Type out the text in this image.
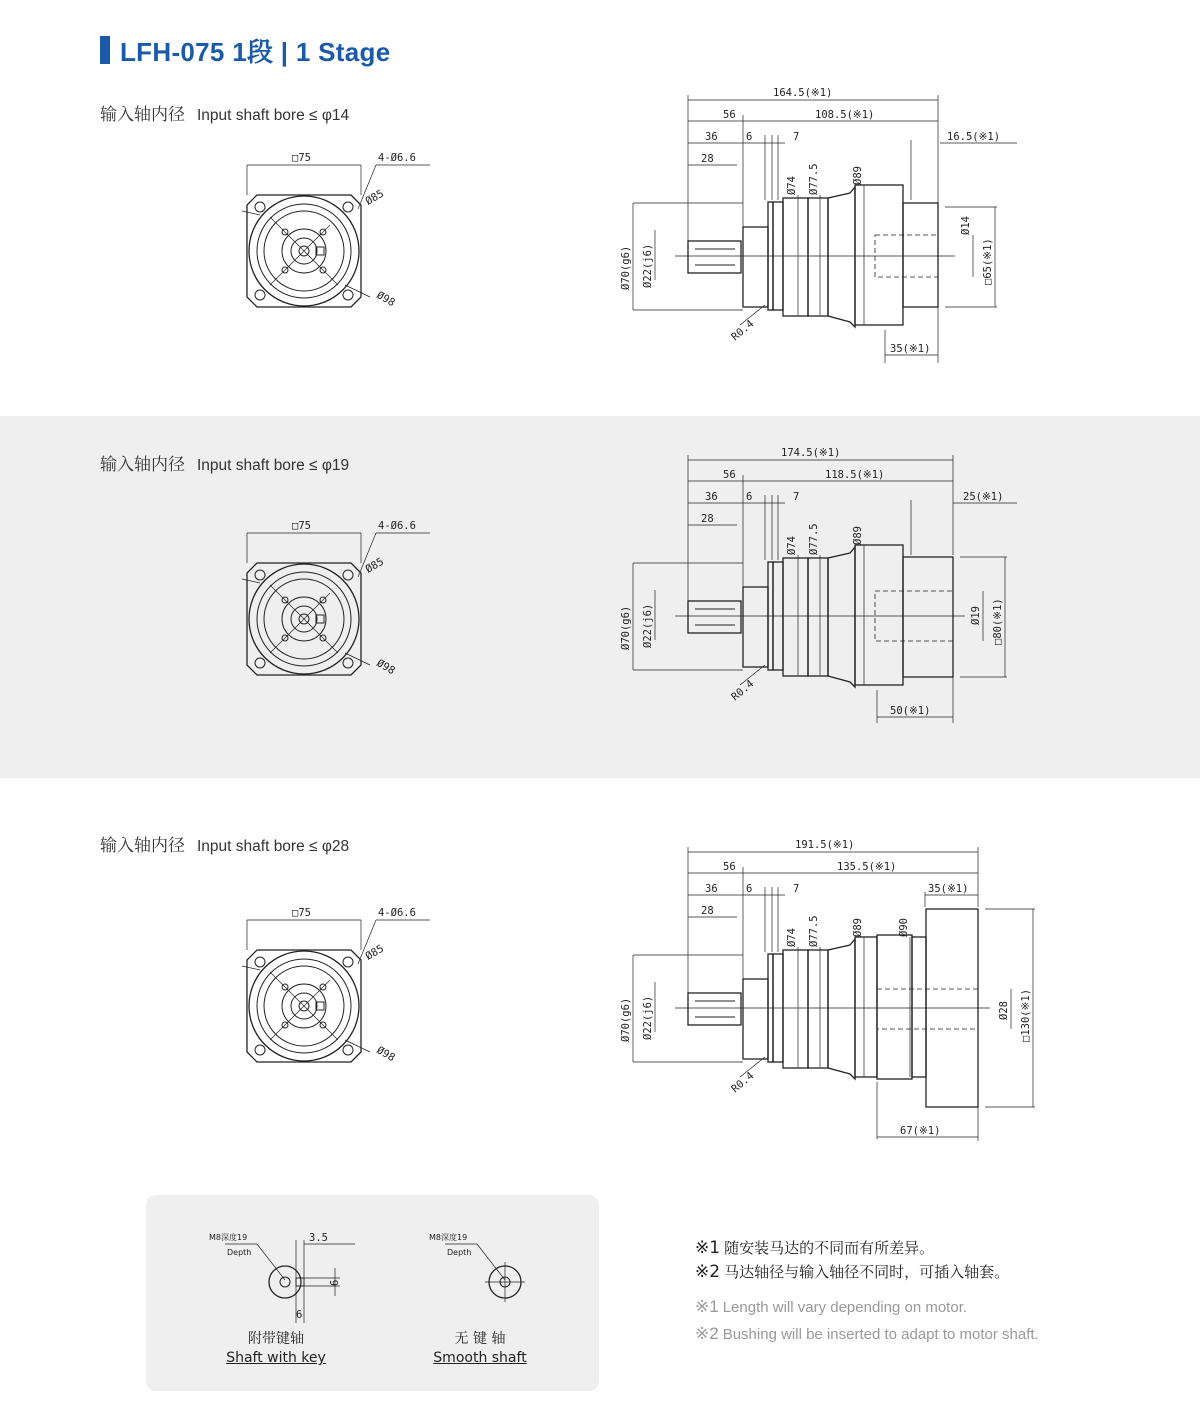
LFH-075 1段 | 1 Stage
输入轴内径 Input shaft bore ≤ φ14
输入轴内径 Input shaft bore ≤ φ19
输入轴内径 Input shaft bore ≤ φ28
□75	4-Ø6.6
Ø85
Ø98
164.5(※1)
56	108.5(※1)
36	6	7
28
16.5(※1)
Ø74 Ø77.5	Ø89
Ø70(g6) Ø22(j6)	□65(※1)
Ø14
35(※1)
R0.4
□75	4-Ø6.6
Ø85
Ø98
174.5(※1)
56	118.5(※1)
36	6	7
28
25(※1)
Ø74 Ø77.5	Ø89
Ø70(g6) Ø22(j6)	□80(※1)
Ø19
50(※1)
R0.4
□75	4-Ø6.6
Ø85
Ø98
191.5(※1)
56	135.5(※1)
36	6	7
28
35(※1)
Ø74 Ø77.5	Ø89	Ø90
Ø70(g6) Ø22(j6)	□130(※1)
Ø28
67(※1)
R0.4
M8深度19
Depth
3.5
6
6
M8深度19
Depth
附带键轴
Shaft with key
无 键 轴
Smooth shaft
※1 随安装马达的不同而有所差异。
※2 马达轴径与输入轴径不同时，可插入轴套。
※1 Length will vary depending on motor.
※2 Bushing will be inserted to adapt to motor shaft.
